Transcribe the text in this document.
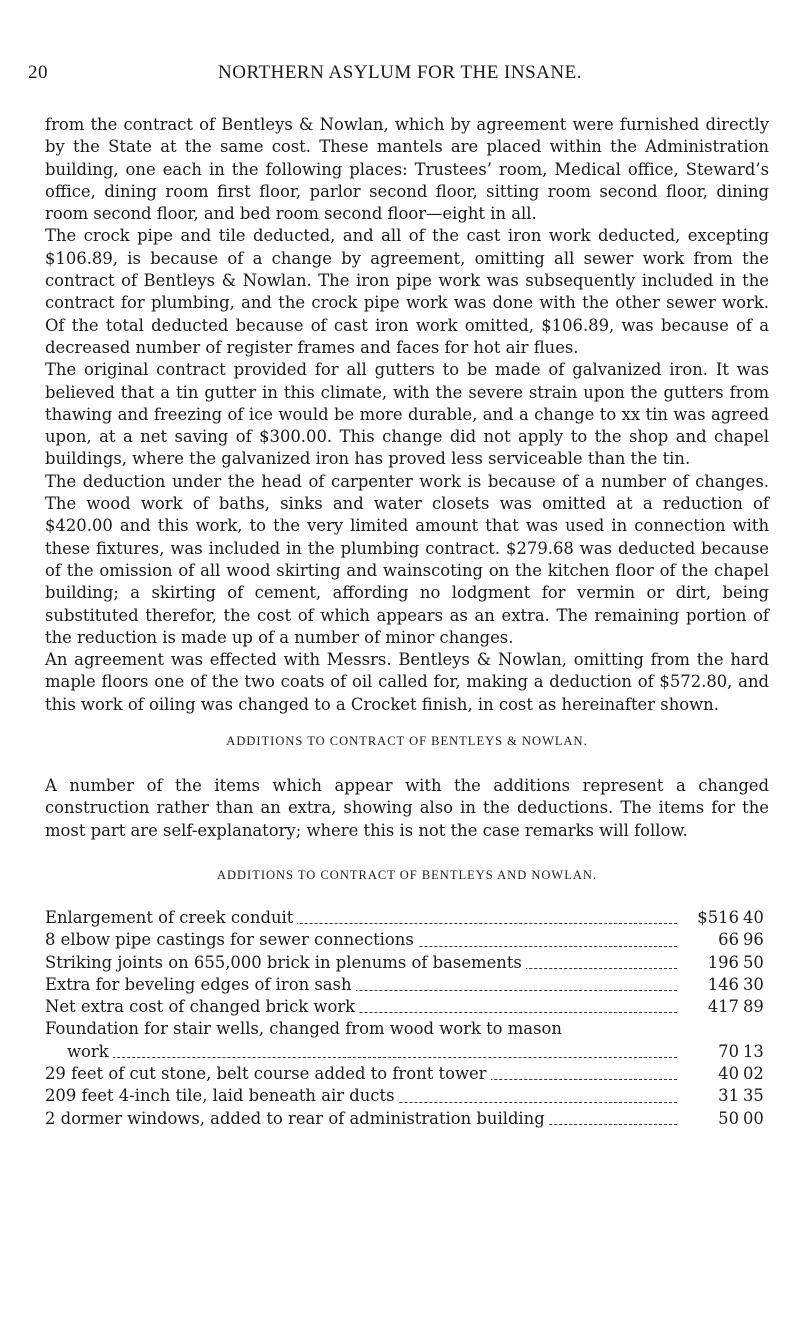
20	NORTHERN ASYLUM FOR THE INSANE.

from the contract of Bentleys & Nowlan, which by agreement were furnished directly by the State at the same cost. These mantels are placed within the Administration building, one each in the following places: Trustees’ room, Medical office, Steward’s office, dining room first floor, parlor second floor, sitting room second floor, dining room second floor, and bed room second floor—eight in all.

The crock pipe and tile deducted, and all of the cast iron work deducted, excepting $106.89, is because of a change by agreement, omitting all sewer work from the contract of Bentleys & Nowlan. The iron pipe work was subsequently included in the contract for plumbing, and the crock pipe work was done with the other sewer work. Of the total deducted because of cast iron work omitted, $106.89, was because of a decreased number of register frames and faces for hot air flues.

The original contract provided for all gutters to be made of galvanized iron. It was believed that a tin gutter in this climate, with the severe strain upon the gutters from thawing and freezing of ice would be more durable, and a change to xx tin was agreed upon, at a net saving of $300.00. This change did not apply to the shop and chapel buildings, where the galvanized iron has proved less serviceable than the tin.

The deduction under the head of carpenter work is because of a number of changes. The wood work of baths, sinks and water closets was omitted at a reduction of $420.00 and this work, to the very limited amount that was used in connection with these fixtures, was included in the plumbing contract. $279.68 was deducted because of the omission of all wood skirting and wainscoting on the kitchen floor of the chapel building; a skirting of cement, affording no lodgment for vermin or dirt, being substituted therefor, the cost of which appears as an extra. The remaining portion of the reduction is made up of a number of minor changes.

An agreement was effected with Messrs. Bentleys & Nowlan, omitting from the hard maple floors one of the two coats of oil called for, making a deduction of $572.80, and this work of oiling was changed to a Crocket finish, in cost as hereinafter shown.

ADDITIONS TO CONTRACT OF BENTLEYS & NOWLAN.

A number of the items which appear with the additions represent a changed construction rather than an extra, showing also in the deductions. The items for the most part are self-explanatory; where this is not the case remarks will follow.

ADDITIONS TO CONTRACT OF BENTLEYS AND NOWLAN.
Enlargement of creek conduit	$516 40
8 elbow pipe castings for sewer connections	66 96
Striking joints on 655,000 brick in plenums of basements	196 50
Extra for beveling edges of iron sash	146 30
Net extra cost of changed brick work	417 89
Foundation for stair wells, changed from wood work to mason	
work	70 13
29 feet of cut stone, belt course added to front tower	40 02
209 feet 4-inch tile, laid beneath air ducts	31 35
2 dormer windows, added to rear of administration building	50 00
